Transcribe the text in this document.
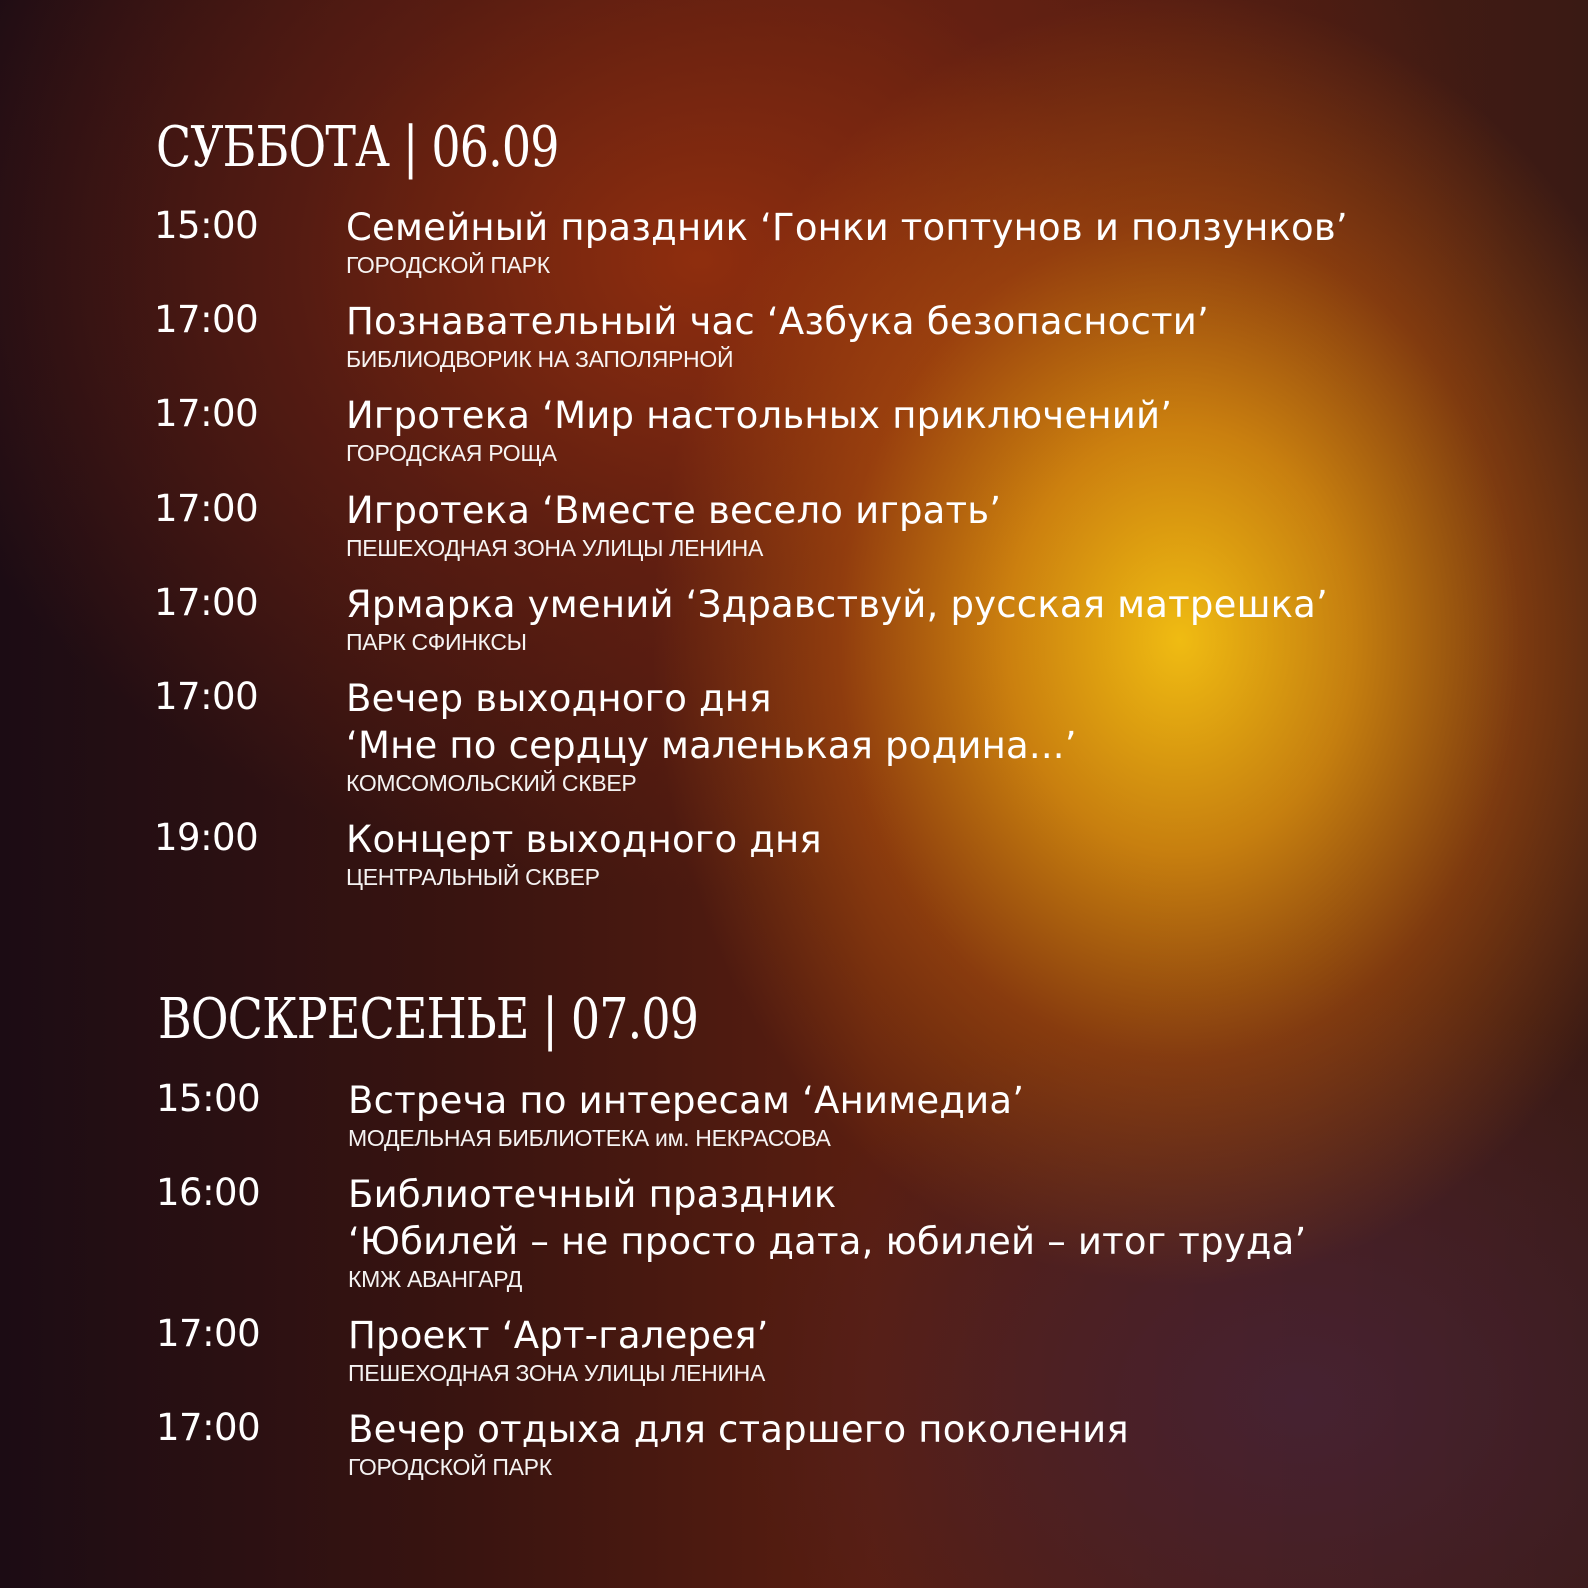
СУББОТА | 06.09
15:00 Семейный праздник ‘Гонки топтунов и ползунков’
ГОРОДСКОЙ ПАРК
17:00 Познавательный час ‘Азбука безопасности’
БИБЛИОДВОРИК НА ЗАПОЛЯРНОЙ
17:00 Игротека ‘Мир настольных приключений’
ГОРОДСКАЯ РОЩА
17:00 Игротека ‘Вместе весело играть’
ПЕШЕХОДНАЯ ЗОНА УЛИЦЫ ЛЕНИНА
17:00 Ярмарка умений ‘Здравствуй, русская матрешка’
ПАРК СФИНКСЫ
17:00 Вечер выходного дня
‘Мне по сердцу маленькая родина...’
КОМСОМОЛЬСКИЙ СКВЕР
19:00 Концерт выходного дня
ЦЕНТРАЛЬНЫЙ СКВЕР
ВОСКРЕСЕНЬЕ | 07.09
15:00 Встреча по интересам ‘Анимедиа’
МОДЕЛЬНАЯ БИБЛИОТЕКА им. НЕКРАСОВА
16:00 Библиотечный праздник
‘Юбилей – не просто дата, юбилей – итог труда’
КМЖ АВАНГАРД
17:00 Проект ‘Арт-галерея’
ПЕШЕХОДНАЯ ЗОНА УЛИЦЫ ЛЕНИНА
17:00 Вечер отдыха для старшего поколения
ГОРОДСКОЙ ПАРК
